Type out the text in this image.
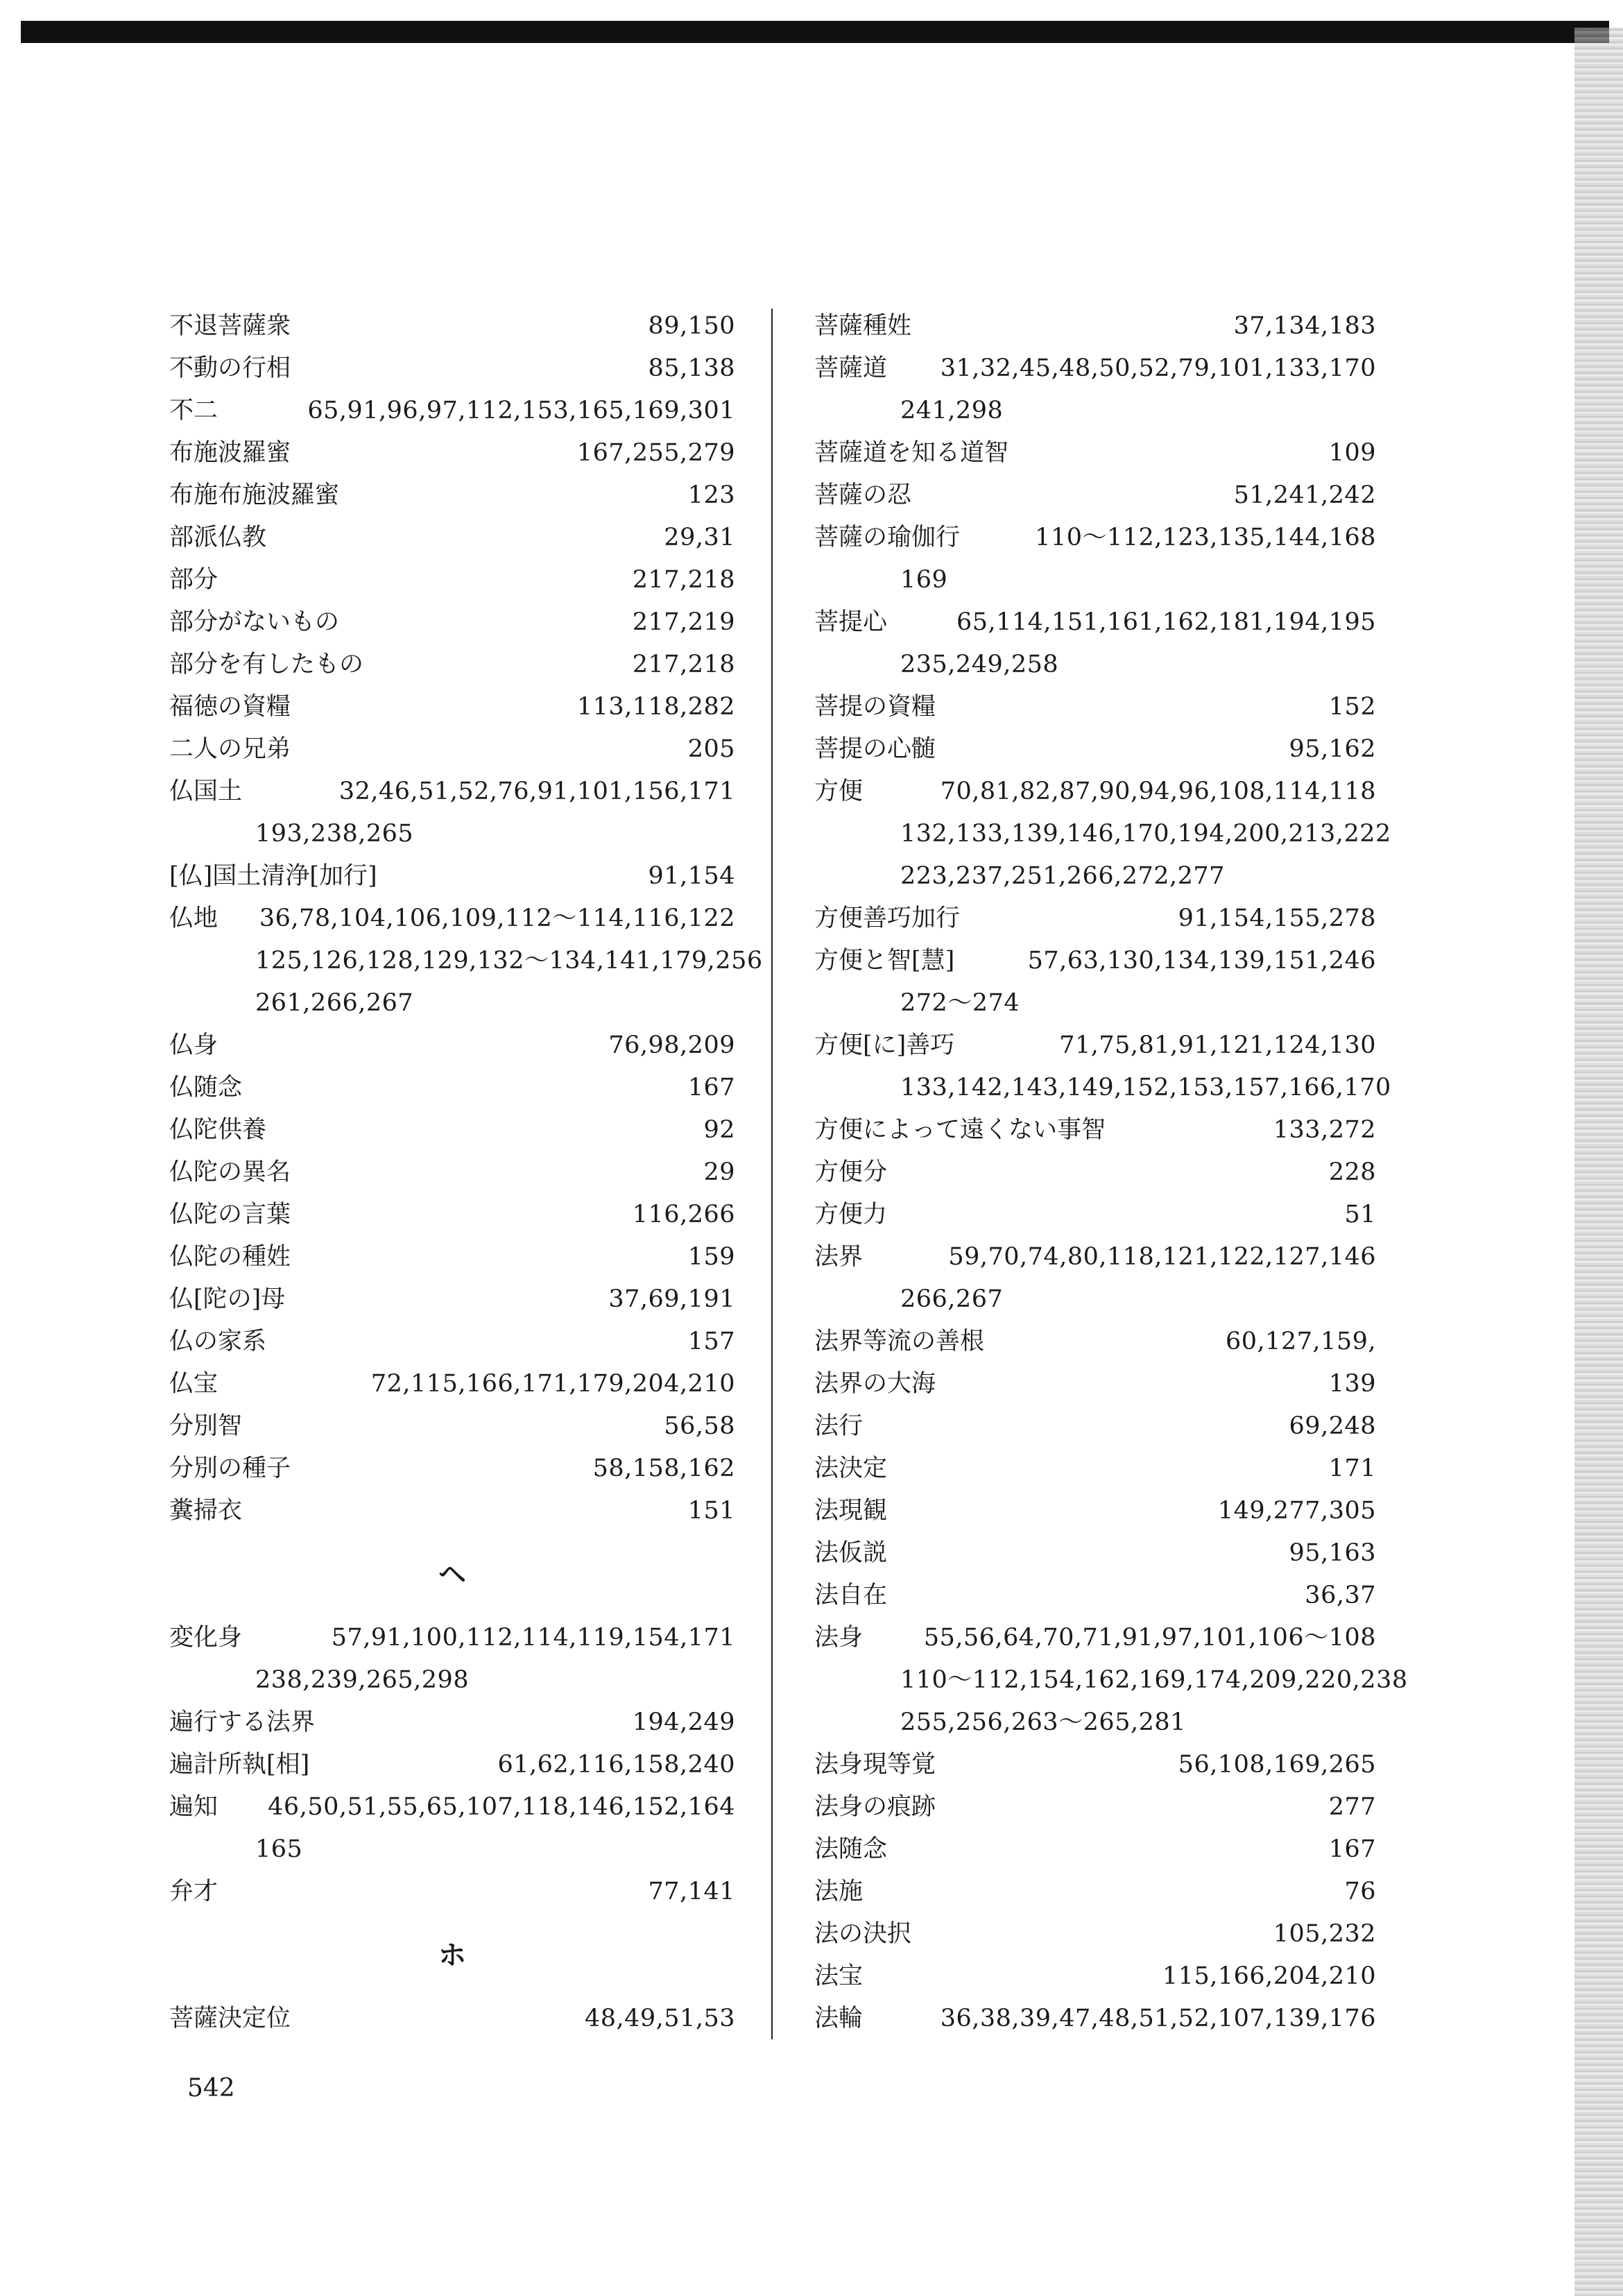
不退菩薩衆	89,150
不動の行相	85,138
不二	65,91,96,97,112,153,165,169,301
布施波羅蜜	167,255,279
布施布施波羅蜜	123
部派仏教	29,31
部分	217,218
部分がないもの	217,219
部分を有したもの	217,218
福徳の資糧	113,118,282
二人の兄弟	205
仏国土	32,46,51,52,76,91,101,156,171
193,238,265
[仏]国土清浄[加行]	91,154
仏地 36,78,104,106,109,112～114,116,122
125,126,128,129,132～134,141,179,256
261,266,267
仏身	76,98,209
仏随念	167
仏陀供養	92
仏陀の異名	29
仏陀の言葉	116,266
仏陀の種姓	159
仏[陀の]母	37,69,191
仏の家系	157
仏宝	72,115,166,171,179,204,210
分別智	56,58
分別の種子	58,158,162
糞掃衣	151
ヘ
変化身	57,91,100,112,114,119,154,171
238,239,265,298
遍行する法界	194,249
遍計所執[相]	61,62,116,158,240
遍知 46,50,51,55,65,107,118,146,152,164
165
弁才	77,141
ホ
菩薩決定位	48,49,51,53
菩薩種姓	37,134,183
菩薩道 31,32,45,48,50,52,79,101,133,170
241,298
菩薩道を知る道智	109
菩薩の忍	51,241,242
菩薩の瑜伽行	110～112,123,135,144,168
169
菩提心	65,114,151,161,162,181,194,195
235,249,258
菩提の資糧	152
菩提の心髄	95,162
方便	70,81,82,87,90,94,96,108,114,118
132,133,139,146,170,194,200,213,222
223,237,251,266,272,277
方便善巧加行	91,154,155,278
方便と智[慧]	57,63,130,134,139,151,246
272～274
方便[に]善巧	71,75,81,91,121,124,130
133,142,143,149,152,153,157,166,170
方便によって遠くない事智	133,272
方便分	228
方便力	51
法界	59,70,74,80,118,121,122,127,146
266,267
法界等流の善根	60,127,159,
法界の大海	139
法行	69,248
法決定	171
法現観	149,277,305
法仮説	95,163
法自在	36,37
法身	55,56,64,70,71,91,97,101,106～108
110～112,154,162,169,174,209,220,238
255,256,263～265,281
法身現等覚	56,108,169,265
法身の痕跡	277
法随念	167
法施	76
法の決択	105,232
法宝	115,166,204,210
法輪	36,38,39,47,48,51,52,107,139,176
542
